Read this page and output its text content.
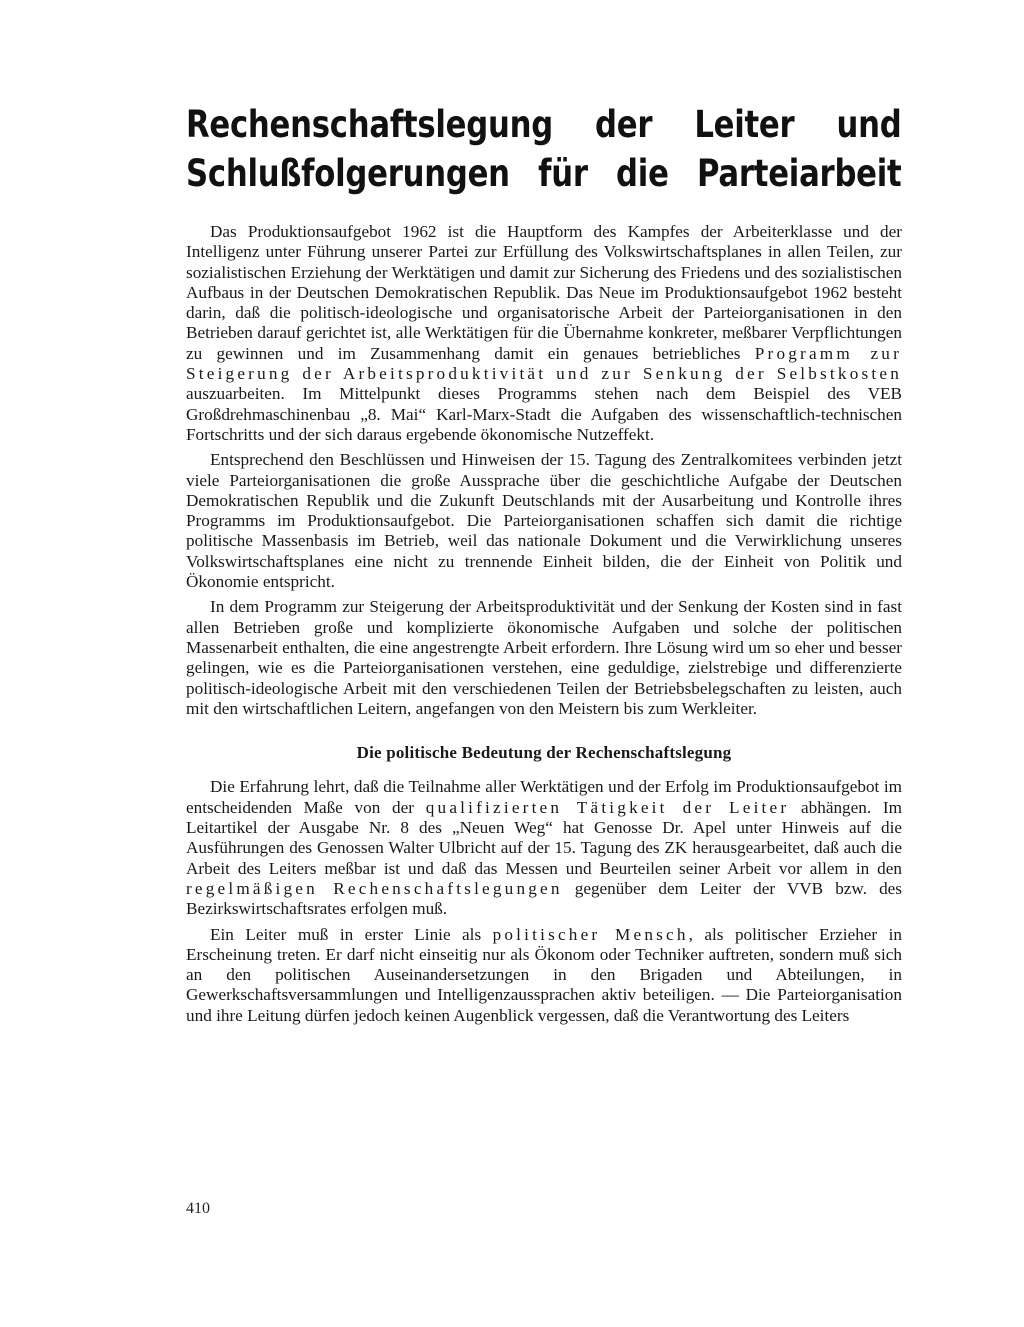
Rechenschaftslegung der Leiter und
Schlußfolgerungen für die Parteiarbeit

Das Produktionsaufgebot 1962 ist die Hauptform des Kampfes der Arbeiterklasse und der Intelligenz unter Führung unserer Partei zur Erfüllung des Volkswirtschaftsplanes in allen Teilen, zur sozialistischen Erziehung der Werktätigen und damit zur Sicherung des Friedens und des sozialistischen Aufbaus in der Deutschen Demokratischen Republik. Das Neue im Produktionsaufgebot 1962 besteht darin, daß die politisch-ideologische und organisatorische Arbeit der Parteiorganisationen in den Betrieben darauf gerichtet ist, alle Werktätigen für die Übernahme konkreter, meßbarer Verpflichtungen zu gewinnen und im Zusammenhang damit ein genaues betriebliches Programm zur Steigerung der Arbeitsproduktivität und zur Senkung der Selbstkosten auszuarbeiten. Im Mittelpunkt dieses Programms stehen nach dem Beispiel des VEB Großdrehmaschinenbau „8. Mai“ Karl-Marx-Stadt die Aufgaben des wissenschaftlich-technischen Fortschritts und der sich daraus ergebende ökonomische Nutzeffekt.

Entsprechend den Beschlüssen und Hinweisen der 15. Tagung des Zentralkomitees verbinden jetzt viele Parteiorganisationen die große Aussprache über die geschichtliche Aufgabe der Deutschen Demokratischen Republik und die Zukunft Deutschlands mit der Ausarbeitung und Kontrolle ihres Programms im Produktionsaufgebot. Die Parteiorganisationen schaffen sich damit die richtige politische Massenbasis im Betrieb, weil das nationale Dokument und die Verwirklichung unseres Volkswirtschaftsplanes eine nicht zu trennende Einheit bilden, die der Einheit von Politik und Ökonomie entspricht.

In dem Programm zur Steigerung der Arbeitsproduktivität und der Senkung der Kosten sind in fast allen Betrieben große und komplizierte ökonomische Aufgaben und solche der politischen Massenarbeit enthalten, die eine angestrengte Arbeit erfordern. Ihre Lösung wird um so eher und besser gelingen, wie es die Parteiorganisationen verstehen, eine geduldige, zielstrebige und differenzierte politisch-ideologische Arbeit mit den verschiedenen Teilen der Betriebsbelegschaften zu leisten, auch mit den wirtschaftlichen Leitern, angefangen von den Meistern bis zum Werkleiter.

Die politische Bedeutung der Rechenschaftslegung

Die Erfahrung lehrt, daß die Teilnahme aller Werktätigen und der Erfolg im Produktionsaufgebot im entscheidenden Maße von der qualifizierten Tätigkeit der Leiter abhängen. Im Leitartikel der Ausgabe Nr. 8 des „Neuen Weg“ hat Genosse Dr. Apel unter Hinweis auf die Ausführungen des Genossen Walter Ulbricht auf der 15. Tagung des ZK herausgearbeitet, daß auch die Arbeit des Leiters meßbar ist und daß das Messen und Beurteilen seiner Arbeit vor allem in den regelmäßigen Rechenschaftslegungen gegenüber dem Leiter der VVB bzw. des Bezirkswirtschaftsrates erfolgen muß.

Ein Leiter muß in erster Linie als politischer Mensch, als politischer Erzieher in Erscheinung treten. Er darf nicht einseitig nur als Ökonom oder Techniker auftreten, sondern muß sich an den politischen Auseinandersetzungen in den Brigaden und Abteilungen, in Gewerkschaftsversammlungen und Intelligenzaussprachen aktiv beteiligen. — Die Parteiorganisation und ihre Leitung dürfen jedoch keinen Augenblick vergessen, daß die Verantwortung des Leiters

410
